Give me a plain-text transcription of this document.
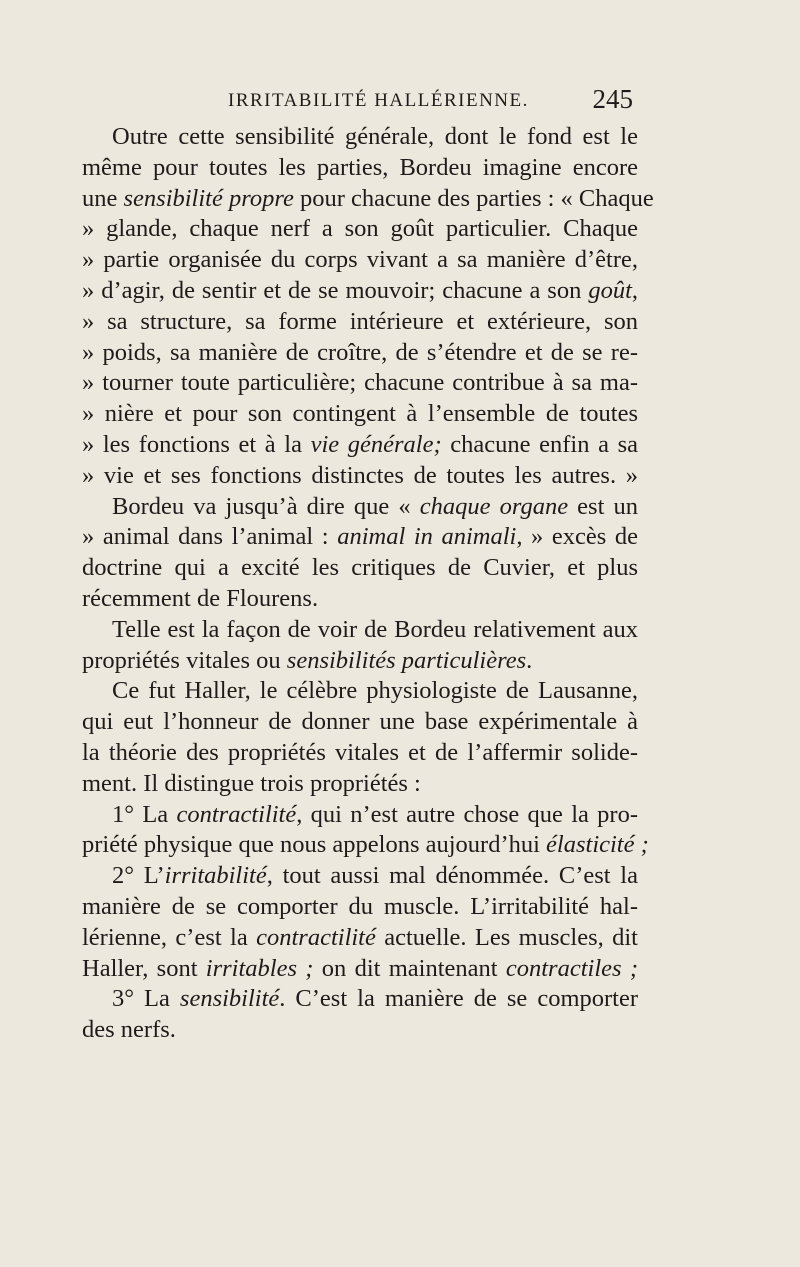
IRRITABILITÉ HALLÉRIENNE. 245
Outre cette sensibilité générale, dont le fond est le
même pour toutes les parties, Bordeu imagine encore
une sensibilité propre pour chacune des parties : « Chaque
» glande, chaque nerf a son goût particulier. Chaque
» partie organisée du corps vivant a sa manière d’être,
» d’agir, de sentir et de se mouvoir; chacune a son goût,
» sa structure, sa forme intérieure et extérieure, son
» poids, sa manière de croître, de s’étendre et de se re-
» tourner toute particulière; chacune contribue à sa ma-
» nière et pour son contingent à l’ensemble de toutes
» les fonctions et à la vie générale; chacune enfin a sa
» vie et ses fonctions distinctes de toutes les autres. »
Bordeu va jusqu’à dire que « chaque organe est un
» animal dans l’animal : animal in animali, » excès de
doctrine qui a excité les critiques de Cuvier, et plus
récemment de Flourens.
Telle est la façon de voir de Bordeu relativement aux
propriétés vitales ou sensibilités particulières.
Ce fut Haller, le célèbre physiologiste de Lausanne,
qui eut l’honneur de donner une base expérimentale à
la théorie des propriétés vitales et de l’affermir solide-
ment. Il distingue trois propriétés :
1° La contractilité, qui n’est autre chose que la pro-
priété physique que nous appelons aujourd’hui élasticité ;
2° L’irritabilité, tout aussi mal dénommée. C’est la
manière de se comporter du muscle. L’irritabilité hal-
lérienne, c’est la contractilité actuelle. Les muscles, dit
Haller, sont irritables ; on dit maintenant contractiles ;
3° La sensibilité. C’est la manière de se comporter
des nerfs.
